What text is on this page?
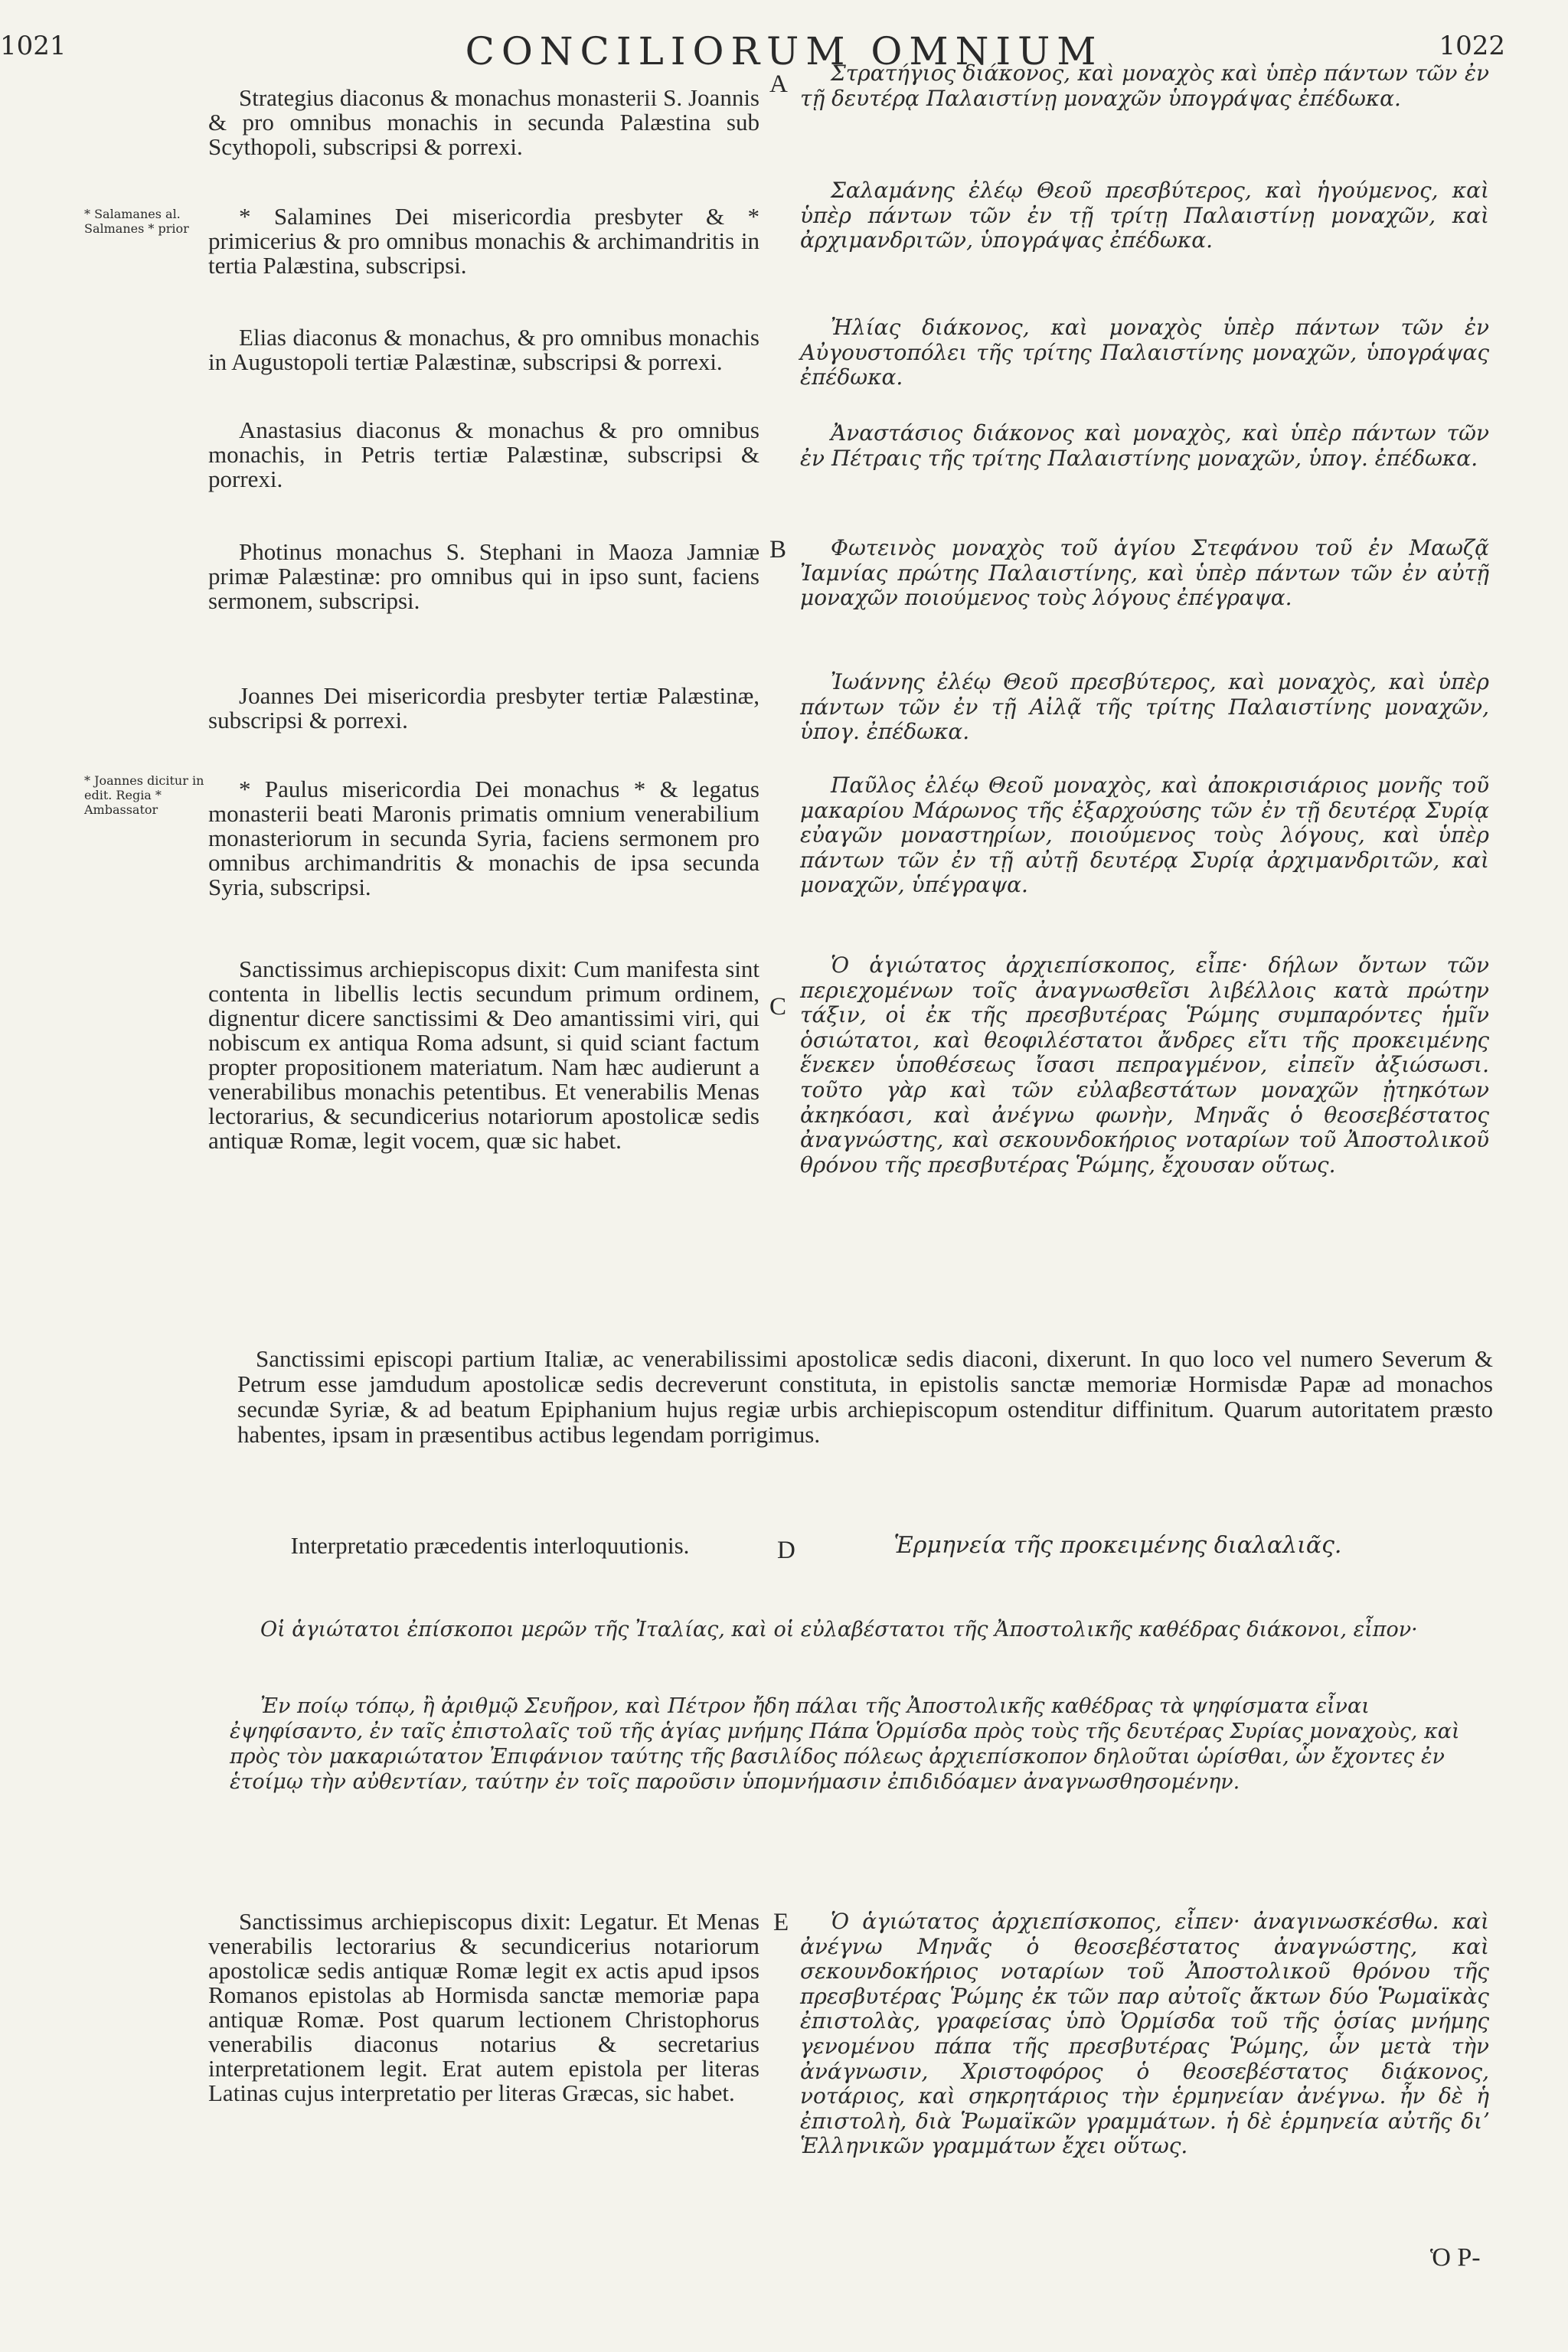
1021	CONCILIORUM OMNIUM	1022
* Salamanes al. Salmanes * prior
* Joannes dicitur in edit. Regia * Ambassator
A
B
C
D
E
Strategius diaconus & monachus monasterii S. Joannis & pro omnibus monachis in secunda Palæstina sub Scythopoli, subscripsi & porrexi.
* Salamines Dei misericordia presbyter & * primicerius & pro omnibus monachis & archimandritis in tertia Palæstina, subscripsi.
Elias diaconus & monachus, & pro omnibus monachis in Augustopoli tertiæ Palæstinæ, subscripsi & porrexi.
Anastasius diaconus & monachus & pro omnibus monachis, in Petris tertiæ Palæstinæ, subscripsi & porrexi.
Photinus monachus S. Stephani in Maoza Jamniæ primæ Palæstinæ: pro omnibus qui in ipso sunt, faciens sermonem, subscripsi.
Joannes Dei misericordia presbyter tertiæ Palæstinæ, subscripsi & porrexi.
* Paulus misericordia Dei monachus * & legatus monasterii beati Maronis primatis omnium venerabilium monasteriorum in secunda Syria, faciens sermonem pro omnibus archimandritis & monachis de ipsa secunda Syria, subscripsi.
Sanctissimus archiepiscopus dixit: Cum manifesta sint contenta in libellis lectis secundum primum ordinem, dignentur dicere sanctissimi & Deo amantissimi viri, qui nobiscum ex antiqua Roma adsunt, si quid sciant factum propter propositionem materiatum. Nam hæc audierunt a venerabilibus monachis petentibus. Et venerabilis Menas lectorarius, & secundicerius notariorum apostolicæ sedis antiquæ Romæ, legit vocem, quæ sic habet.
Στρατήγιος διάκονος, καὶ μοναχὸς καὶ ὑπὲρ πάντων τῶν ἐν τῇ δευτέρᾳ Παλαιστίνῃ μοναχῶν ὑπογράψας ἐπέδωκα.
Σαλαμάνης ἐλέῳ Θεοῦ πρεσβύτερος, καὶ ἡγούμενος, καὶ ὑπὲρ πάντων τῶν ἐν τῇ τρίτῃ Παλαιστίνῃ μοναχῶν, καὶ ἀρχιμανδριτῶν, ὑπογράψας ἐπέδωκα.
Ἠλίας διάκονος, καὶ μοναχὸς ὑπὲρ πάντων τῶν ἐν Αὐγουστοπόλει τῆς τρίτης Παλαιστίνης μοναχῶν, ὑπογράψας ἐπέδωκα.
Ἀναστάσιος διάκονος καὶ μοναχὸς, καὶ ὑπὲρ πάντων τῶν ἐν Πέτραις τῆς τρίτης Παλαιστίνης μοναχῶν, ὑπογ. ἐπέδωκα.
Φωτεινὸς μοναχὸς τοῦ ἁγίου Στεφάνου τοῦ ἐν Μαωζᾷ Ἰαμνίας πρώτης Παλαιστίνης, καὶ ὑπὲρ πάντων τῶν ἐν αὐτῇ μοναχῶν ποιούμενος τοὺς λόγους ἐπέγραψα.
Ἰωάννης ἐλέῳ Θεοῦ πρεσβύτερος, καὶ μοναχὸς, καὶ ὑπὲρ πάντων τῶν ἐν τῇ Αἰλᾷ τῆς τρίτης Παλαιστίνης μοναχῶν, ὑπογ. ἐπέδωκα.
Παῦλος ἐλέῳ Θεοῦ μοναχὸς, καὶ ἀποκρισιάριος μονῆς τοῦ μακαρίου Μάρωνος τῆς ἐξαρχούσης τῶν ἐν τῇ δευτέρᾳ Συρίᾳ εὐαγῶν μοναστηρίων, ποιούμενος τοὺς λόγους, καὶ ὑπὲρ πάντων τῶν ἐν τῇ αὐτῇ δευτέρᾳ Συρίᾳ ἀρχιμανδριτῶν, καὶ μοναχῶν, ὑπέγραψα.
Ὁ ἁγιώτατος ἀρχιεπίσκοπος, εἶπε· δήλων ὄντων τῶν περιεχομένων τοῖς ἀναγνωσθεῖσι λιβέλλοις κατὰ πρώτην τάξιν, οἱ ἐκ τῆς πρεσβυτέρας Ῥώμης συμπαρόντες ἡμῖν ὁσιώτατοι, καὶ θεοφιλέστατοι ἄνδρες εἴτι τῆς προκειμένης ἕνεκεν ὑποθέσεως ἴσασι πεπραγμένον, εἰπεῖν ἀξιώσωσι. τοῦτο γὰρ καὶ τῶν εὐλαβεστάτων μοναχῶν ᾐτηκότων ἀκηκόασι, καὶ ἀνέγνω φωνὴν, Μηνᾶς ὁ θεοσεβέστατος ἀναγνώστης, καὶ σεκουνδοκήριος νοταρίων τοῦ Ἀποστολικοῦ θρόνου τῆς πρεσβυτέρας Ῥώμης, ἔχουσαν οὕτως.
Sanctissimi episcopi partium Italiæ, ac venerabilissimi apostolicæ sedis diaconi, dixerunt. In quo loco vel numero Severum & Petrum esse jamdudum apostolicæ sedis decreverunt constituta, in epistolis sanctæ memoriæ Hormisdæ Papæ ad monachos secundæ Syriæ, & ad beatum Epiphanium hujus regiæ urbis archiepiscopum ostenditur diffinitum. Quarum autoritatem præsto habentes, ipsam in præsentibus actibus legendam porrigimus.
Interpretatio præcedentis interloquutionis.	Ἑρμηνεία τῆς προκειμένης διαλαλιᾶς.
Οἱ ἁγιώτατοι ἐπίσκοποι μερῶν τῆς Ἰταλίας, καὶ οἱ εὐλαβέστατοι τῆς Ἀποστολικῆς καθέδρας διάκονοι, εἶπον·
Ἐν ποίῳ τόπῳ, ἢ ἀριθμῷ Σευῆρον, καὶ Πέτρον ἤδη πάλαι τῆς Ἀποστολικῆς καθέδρας τὰ ψηφίσματα εἶναι ἐψηφίσαντο, ἐν ταῖς ἐπιστολαῖς τοῦ τῆς ἁγίας μνήμης Πάπα Ὁρμίσδα πρὸς τοὺς τῆς δευτέρας Συρίας μοναχοὺς, καὶ πρὸς τὸν μακαριώτατον Ἐπιφάνιον ταύτης τῆς βασιλίδος πόλεως ἀρχιεπίσκοπον δηλοῦται ὡρίσθαι, ὧν ἔχοντες ἐν ἑτοίμῳ τὴν αὐθεντίαν, ταύτην ἐν τοῖς παροῦσιν ὑπομνήμασιν ἐπιδιδόαμεν ἀναγνωσθησομένην.
Sanctissimus archiepiscopus dixit: Legatur. Et Menas venerabilis lectorarius & secundicerius notariorum apostolicæ sedis antiquæ Romæ legit ex actis apud ipsos Romanos epistolas ab Hormisda sanctæ memoriæ papa antiquæ Romæ. Post quarum lectionem Christophorus venerabilis diaconus notarius & secretarius interpretationem legit. Erat autem epistola per literas Latinas cujus interpretatio per literas Græcas, sic habet.
Ὁ ἁγιώτατος ἀρχιεπίσκοπος, εἶπεν· ἀναγινωσκέσθω. καὶ ἀνέγνω Μηνᾶς ὁ θεοσεβέστατος ἀναγνώστης, καὶ σεκουνδοκήριος νοταρίων τοῦ Ἀποστολικοῦ θρόνου τῆς πρεσβυτέρας Ῥώμης ἐκ τῶν παρ αὐτοῖς ἄκτων δύο Ῥωμαϊκὰς ἐπιστολὰς, γραφείσας ὑπὸ Ὁρμίσδα τοῦ τῆς ὁσίας μνήμης γενομένου πάπα τῆς πρεσβυτέρας Ῥώμης, ὧν μετὰ τὴν ἀνάγνωσιν, Χριστοφόρος ὁ θεοσεβέστατος διάκονος, νοτάριος, καὶ σηκρητάριος τὴν ἑρμηνείαν ἀνέγνω. ἦν δὲ ἡ ἐπιστολὴ, διὰ Ῥωμαϊκῶν γραμμάτων. ἡ δὲ ἑρμηνεία αὐτῆς διʼ Ἑλληνικῶν γραμμάτων ἔχει οὕτως.
Ὁ Ρ-
